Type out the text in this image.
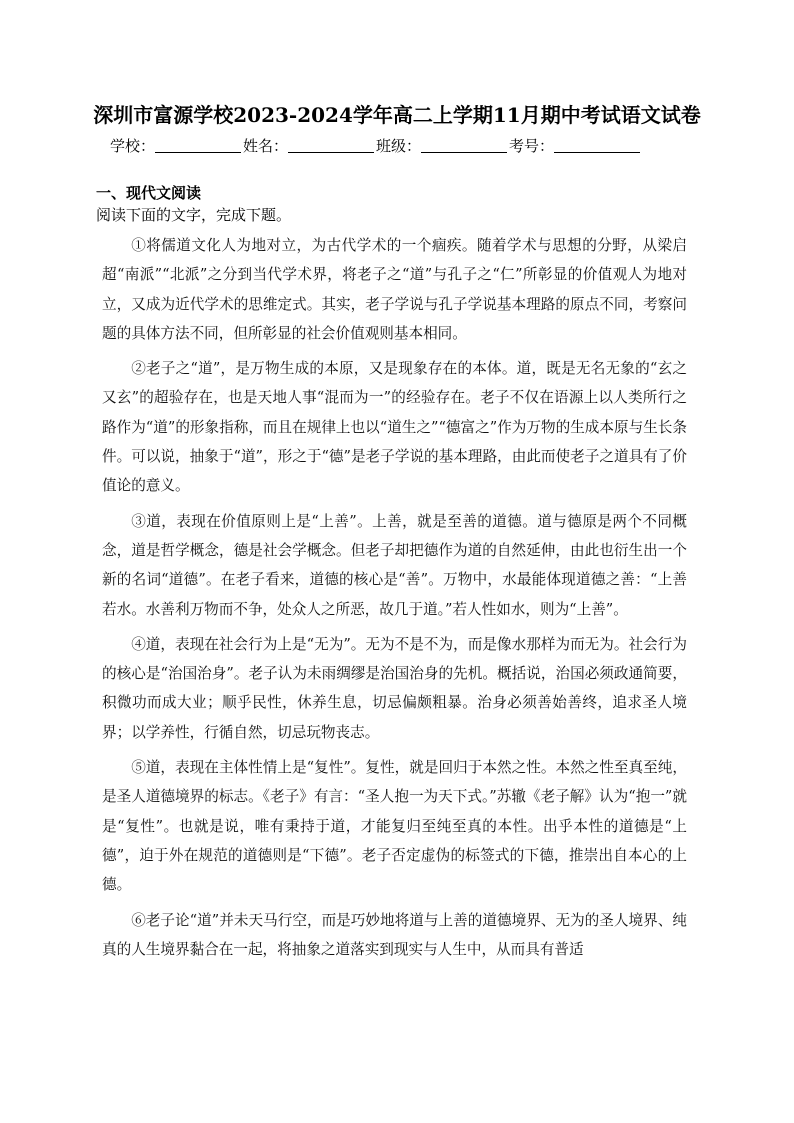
深圳市富源学校2023-2024学年高二上学期11月期中考试语文试卷
学校：	姓名：	班级：	考号：
一、现代文阅读
阅读下面的文字，完成下题。

①将儒道文化人为地对立，为古代学术的一个痼疾。随着学术与思想的分野，从梁启超“南派”“北派”之分到当代学术界，将老子之“道”与孔子之“仁”所彰显的价值观人为地对立，又成为近代学术的思维定式。其实，老子学说与孔子学说基本理路的原点不同，考察问题的具体方法不同，但所彰显的社会价值观则基本相同。

②老子之“道”，是万物生成的本原，又是现象存在的本体。道，既是无名无象的“玄之又玄”的超验存在，也是天地人事“混而为一”的经验存在。老子不仅在语源上以人类所行之路作为“道”的形象指称，而且在规律上也以“道生之”“德富之”作为万物的生成本原与生长条件。可以说，抽象于“道”，形之于“德”是老子学说的基本理路，由此而使老子之道具有了价值论的意义。

③道，表现在价值原则上是“上善”。上善，就是至善的道德。道与德原是两个不同概念，道是哲学概念，德是社会学概念。但老子却把德作为道的自然延伸，由此也衍生出一个新的名词“道德”。在老子看来，道德的核心是“善”。万物中，水最能体现道德之善：“上善若水。水善利万物而不争，处众人之所恶，故几于道。”若人性如水，则为“上善”。

④道，表现在社会行为上是“无为”。无为不是不为，而是像水那样为而无为。社会行为的核心是“治国治身”。老子认为未雨绸缪是治国治身的先机。概括说，治国必须政通简要，积微功而成大业；顺乎民性，休养生息，切忌偏颇粗暴。治身必须善始善终，追求圣人境界；以学养性，行循自然，切忌玩物丧志。

⑤道，表现在主体性情上是“复性”。复性，就是回归于本然之性。本然之性至真至纯，是圣人道德境界的标志。《老子》有言：“圣人抱一为天下式。”苏辙《老子解》认为“抱一”就是“复性”。也就是说，唯有秉持于道，才能复归至纯至真的本性。出乎本性的道德是“上德”，迫于外在规范的道德则是“下德”。老子否定虚伪的标签式的下德，推崇出自本心的上德。

⑥老子论“道”并未天马行空，而是巧妙地将道与上善的道德境界、无为的圣人境界、纯真的人生境界黏合在一起，将抽象之道落实到现实与人生中，从而具有普适
